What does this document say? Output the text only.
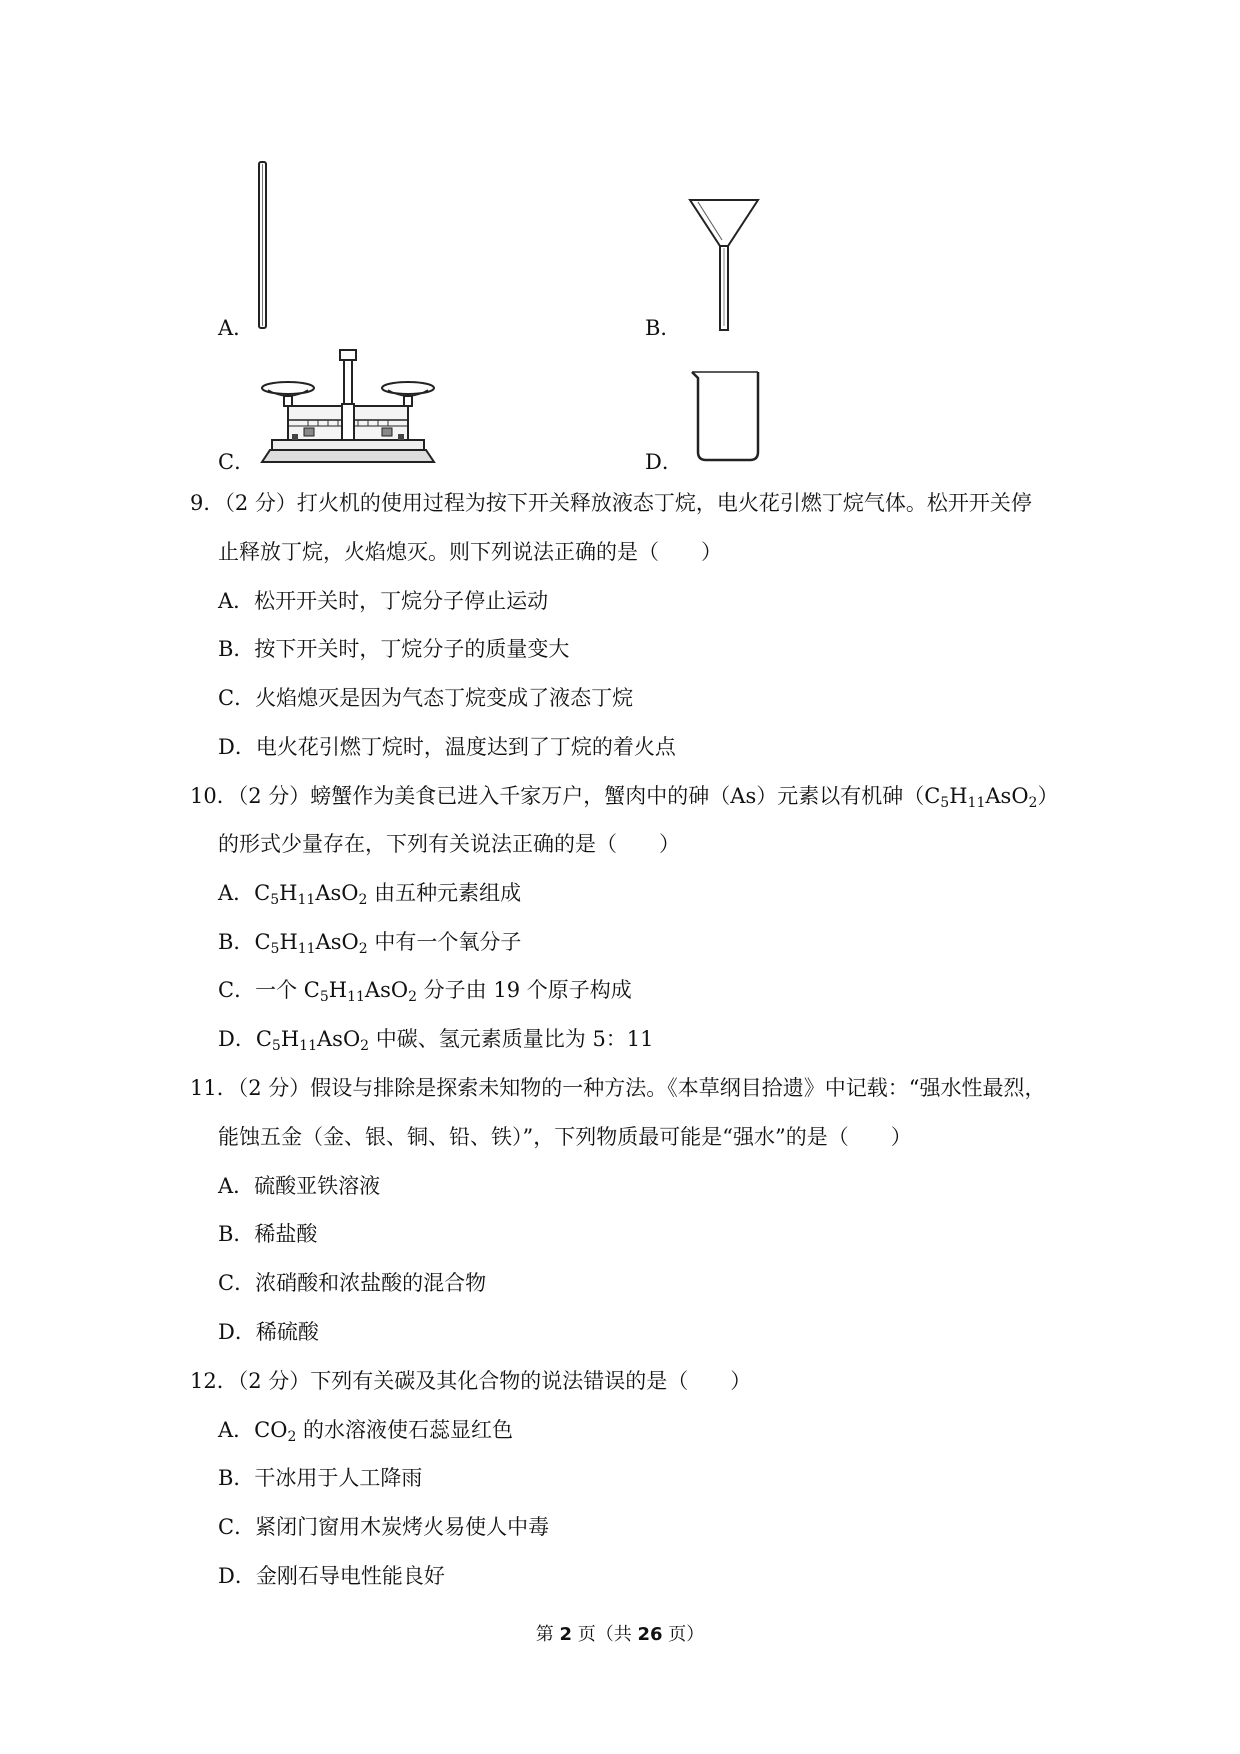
A．	B．
C．	D．
9．（2 分）打火机的使用过程为按下开关释放液态丁烷，电火花引燃丁烷气体。松开开关停
止释放丁烷，火焰熄灭。则下列说法正确的是（　　）
A．松开开关时，丁烷分子停止运动
B．按下开关时，丁烷分子的质量变大
C．火焰熄灭是因为气态丁烷变成了液态丁烷
D．电火花引燃丁烷时，温度达到了丁烷的着火点
10．（2 分）螃蟹作为美食已进入千家万户，蟹肉中的砷（As）元素以有机砷$(C_5H_{11}AsO_2)$
的形式少量存在，下列有关说法正确的是（　　）
A．$C_5H_{11}AsO_2$ 由五种元素组成
B．$C_5H_{11}AsO_2$ 中有一个氧分子
C．一个 $C_5H_{11}AsO_2$ 分子由 19 个原子构成
D．$C_5H_{11}AsO_2$ 中碳、氢元素质量比为 5：11
11．（2 分）假设与排除是探索未知物的一种方法。《本草纲目拾遗》中记载：“强水性最烈，
能蚀五金（金、银、铜、铅、铁）”，下列物质最可能是“强水”的是（　　）
A．硫酸亚铁溶液
B．稀盐酸
C．浓硝酸和浓盐酸的混合物
D．稀硫酸
12．（2 分）下列有关碳及其化合物的说法错误的是（　　）
A．$CO_2$ 的水溶液使石蕊显红色
B．干冰用于人工降雨
C．紧闭门窗用木炭烤火易使人中毒
D．金刚石导电性能良好
第 2 页（共 26 页）
